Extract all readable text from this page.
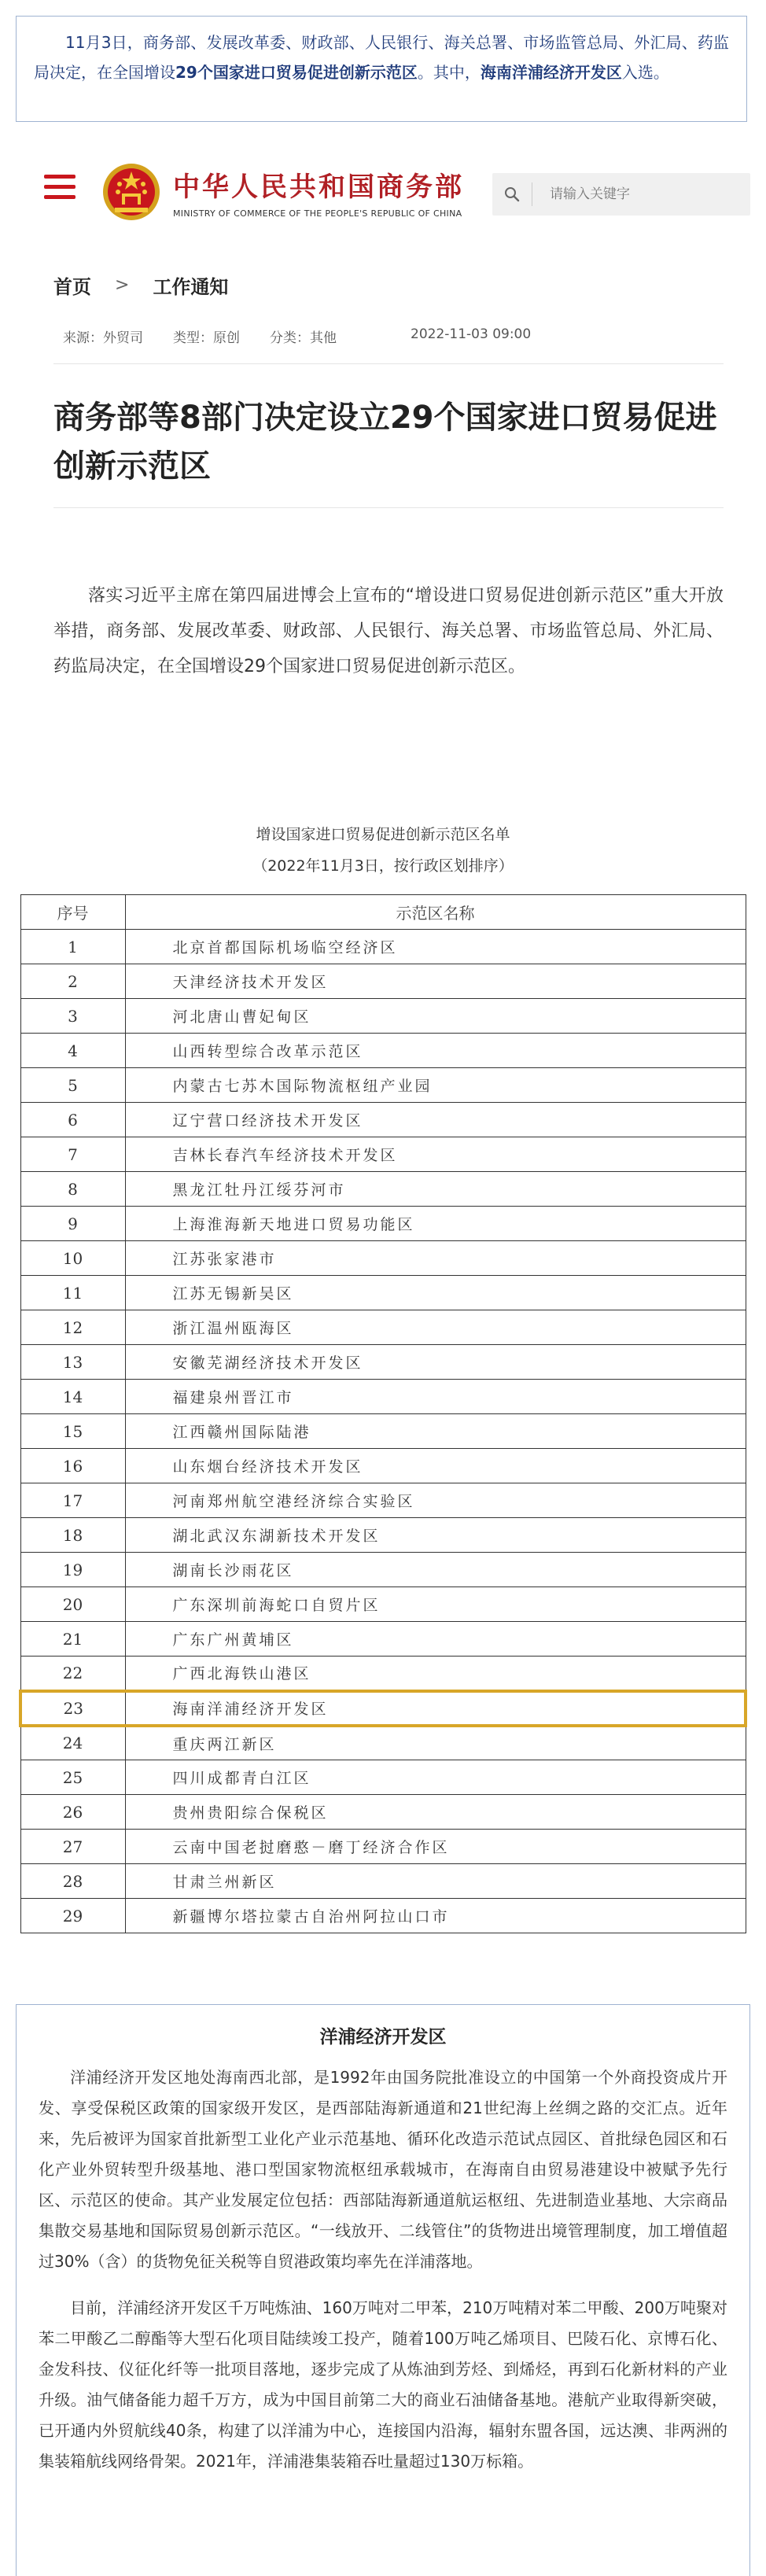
11月3日，商务部、发展改革委、财政部、人民银行、海关总署、市场监管总局、外汇局、药监局决定，在全国增设29个国家进口贸易促进创新示范区。其中，海南洋浦经济开发区入选。

中华人民共和国商务部
MINISTRY OF COMMERCE OF THE PEOPLE'S REPUBLIC OF CHINA
请输入关键字
首页 > 工作通知
来源：外贸司 类型：原创 分类：其他	2022-11-03 09:00
商务部等8部门决定设立29个国家进口贸易促进创新示范区

落实习近平主席在第四届进博会上宣布的“增设进口贸易促进创新示范区”重大开放举措，商务部、发展改革委、财政部、人民银行、海关总署、市场监管总局、外汇局、药监局决定，在全国增设29个国家进口贸易促进创新示范区。

增设国家进口贸易促进创新示范区名单
（2022年11月3日，按行政区划排序）
序号	示范区名称
1	北京首都国际机场临空经济区
2	天津经济技术开发区
3	河北唐山曹妃甸区
4	山西转型综合改革示范区
5	内蒙古七苏木国际物流枢纽产业园
6	辽宁营口经济技术开发区
7	吉林长春汽车经济技术开发区
8	黑龙江牡丹江绥芬河市
9	上海淮海新天地进口贸易功能区
10	江苏张家港市
11	江苏无锡新吴区
12	浙江温州瓯海区
13	安徽芜湖经济技术开发区
14	福建泉州晋江市
15	江西赣州国际陆港
16	山东烟台经济技术开发区
17	河南郑州航空港经济综合实验区
18	湖北武汉东湖新技术开发区
19	湖南长沙雨花区
20	广东深圳前海蛇口自贸片区
21	广东广州黄埔区
22	广西北海铁山港区
23	海南洋浦经济开发区
24	重庆两江新区
25	四川成都青白江区
26	贵州贵阳综合保税区
27	云南中国老挝磨憨－磨丁经济合作区
28	甘肃兰州新区
29	新疆博尔塔拉蒙古自治州阿拉山口市
洋浦经济开发区

洋浦经济开发区地处海南西北部，是1992年由国务院批准设立的中国第一个外商投资成片开发、享受保税区政策的国家级开发区，是西部陆海新通道和21世纪海上丝绸之路的交汇点。近年来，先后被评为国家首批新型工业化产业示范基地、循环化改造示范试点园区、首批绿色园区和石化产业外贸转型升级基地、港口型国家物流枢纽承载城市，在海南自由贸易港建设中被赋予先行区、示范区的使命。其产业发展定位包括：西部陆海新通道航运枢纽、先进制造业基地、大宗商品集散交易基地和国际贸易创新示范区。“一线放开、二线管住”的货物进出境管理制度，加工增值超过30%（含）的货物免征关税等自贸港政策均率先在洋浦落地。

目前，洋浦经济开发区千万吨炼油、160万吨对二甲苯，210万吨精对苯二甲酸、200万吨聚对苯二甲酸乙二醇酯等大型石化项目陆续竣工投产，随着100万吨乙烯项目、巴陵石化、京博石化、金发科技、仪征化纤等一批项目落地，逐步完成了从炼油到芳烃、到烯烃，再到石化新材料的产业升级。油气储备能力超千万方，成为中国目前第二大的商业石油储备基地。港航产业取得新突破，已开通内外贸航线40条，构建了以洋浦为中心，连接国内沿海，辐射东盟各国，远达澳、非两洲的集装箱航线网络骨架。2021年，洋浦港集装箱吞吐量超过130万标箱。
